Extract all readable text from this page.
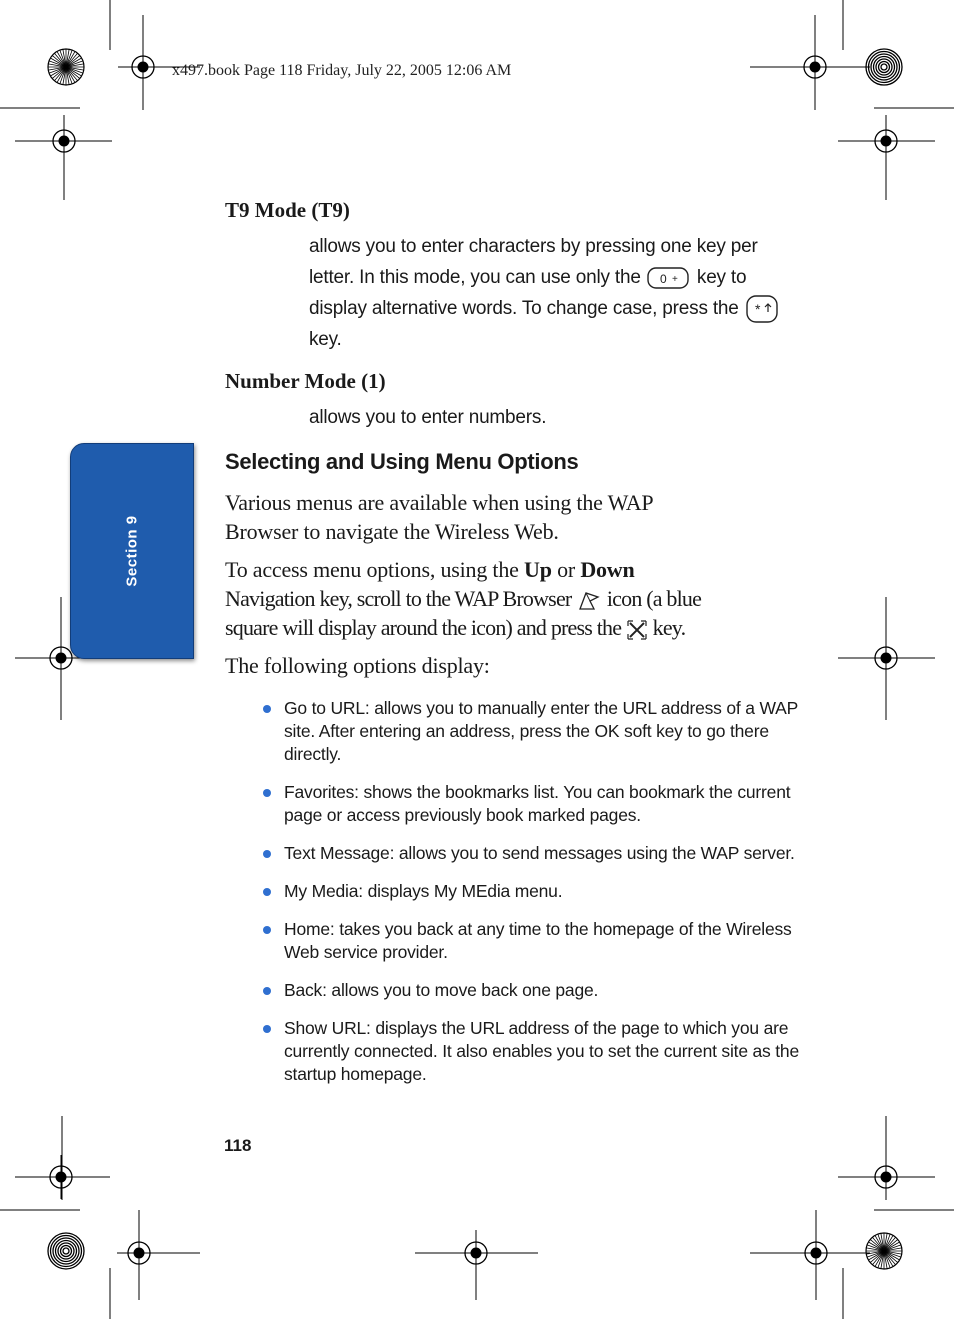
x497.book Page 118 Friday, July 22, 2005 12:06 AM
Section 9
T9 Mode (T9)
allows you to enter characters by pressing one key per
letter. In this mode, you can use only the 0 + key to
display alternative words. To change case, press the *
key.
Number Mode (1)
allows you to enter numbers.
Selecting and Using Menu Options
Various menus are available when using the WAP
Browser to navigate the Wireless Web.
To access menu options, using the Up or Down
Navigation key, scroll to the WAP Browser icon (a blue
square will display around the icon) and press the key.
The following options display:
Go to URL: allows you to manually enter the URL address of a WAP site. After entering an address, press the OK soft key to go there directly.
Favorites: shows the bookmarks list. You can bookmark the current page or access previously book marked pages.
Text Message: allows you to send messages using the WAP server.
My Media: displays My MEdia menu.
Home: takes you back at any time to the homepage of the Wireless Web service provider.
Back: allows you to move back one page.
Show URL: displays the URL address of the page to which you are currently connected. It also enables you to set the current site as the startup homepage.
118
